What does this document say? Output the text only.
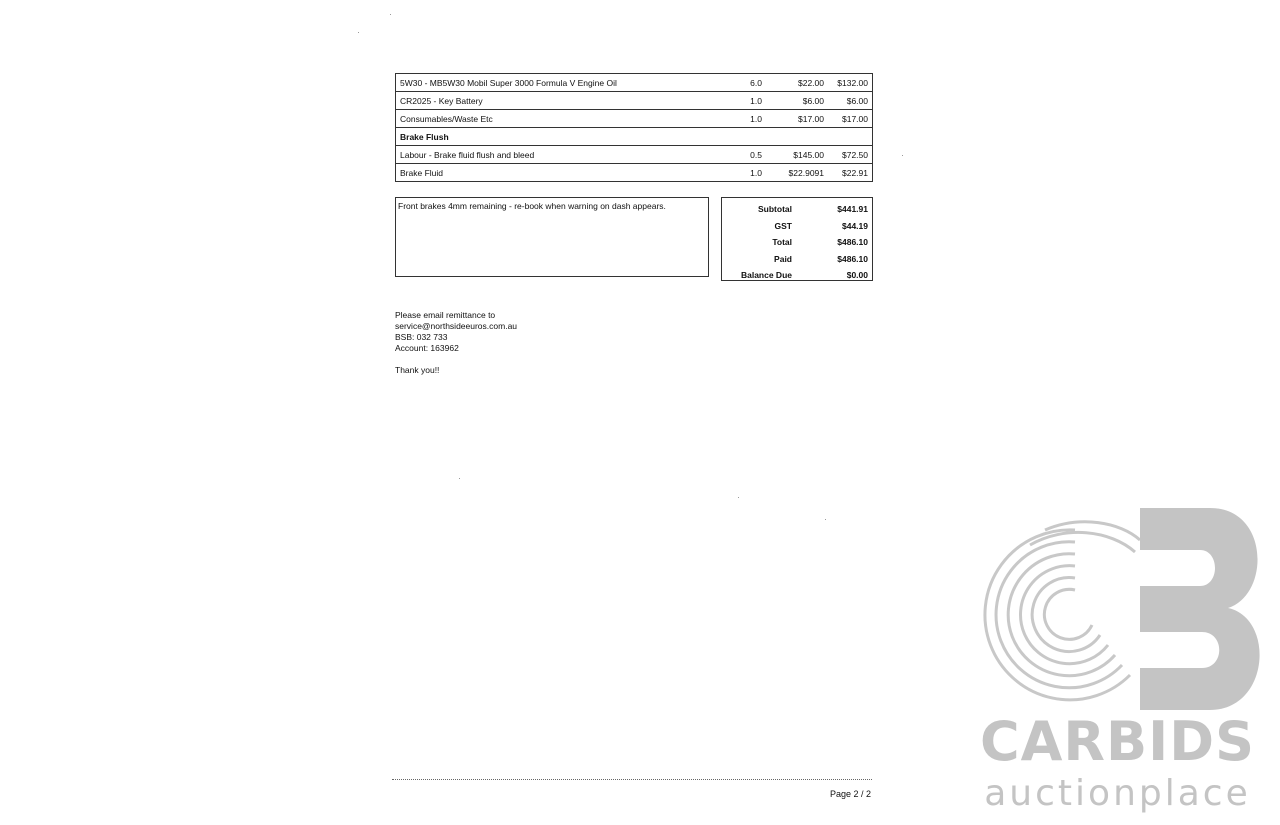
5W30 - MB5W30 Mobil Super 3000 Formula V Engine Oil	6.0	$22.00	$132.00
CR2025 - Key Battery	1.0	$6.00	$6.00
Consumables/Waste Etc	1.0	$17.00	$17.00
Brake Flush			
Labour - Brake fluid flush and bleed	0.5	$145.00	$72.50
Brake Fluid	1.0	$22.9091	$22.91
Front brakes 4mm remaining - re-book when warning on dash appears.	Subtotal	$441.91
GST	$44.19
Total	$486.10
Paid	$486.10
Balance Due	$0.00
Please email remittance to
service@northsideeuros.com.au
BSB: 032 733
Account: 163962
Thank you!!
Page 2 / 2
CARBIDS
auctionplace
